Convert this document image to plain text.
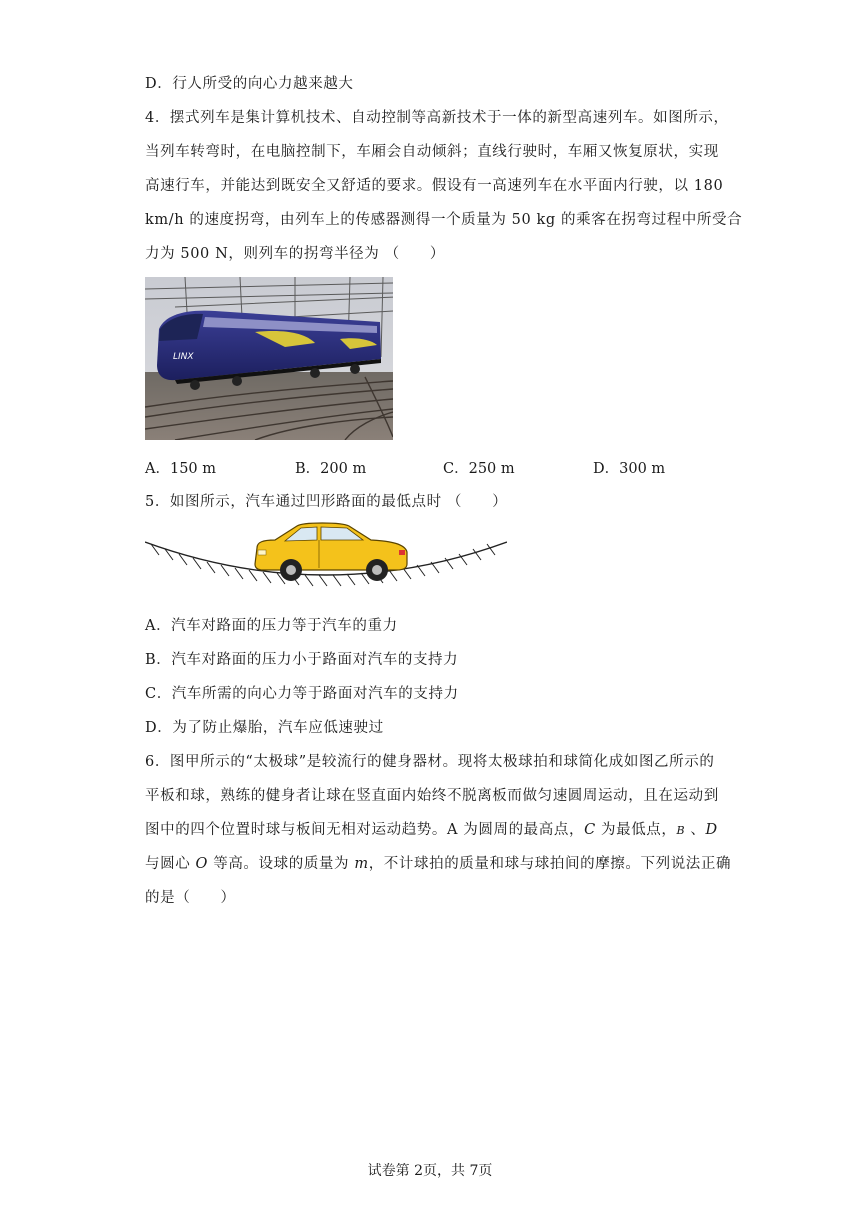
D．行人所受的向心力越来越大
4．摆式列车是集计算机技术、自动控制等高新技术于一体的新型高速列车。如图所示，
当列车转弯时，在电脑控制下，车厢会自动倾斜；直线行驶时，车厢又恢复原状，实现
高速行车，并能达到既安全又舒适的要求。假设有一高速列车在水平面内行驶，以 180
km/h 的速度拐弯，由列车上的传感器测得一个质量为 50 kg 的乘客在拐弯过程中所受合
力为 500 N，则列车的拐弯半径为 （　　）
LINX
A．150 m	B．200 m	C．250 m	D．300 m
5．如图所示，汽车通过凹形路面的最低点时 （　　）
A．汽车对路面的压力等于汽车的重力
B．汽车对路面的压力小于路面对汽车的支持力
C．汽车所需的向心力等于路面对汽车的支持力
D．为了防止爆胎，汽车应低速驶过
6．图甲所示的“太极球”是较流行的健身器材。现将太极球拍和球简化成如图乙所示的
平板和球，熟练的健身者让球在竖直面内始终不脱离板而做匀速圆周运动，且在运动到
图中的四个位置时球与板间无相对运动趋势。A 为圆周的最高点，C 为最低点，B 、D
与圆心 O 等高。设球的质量为 m，不计球拍的质量和球与球拍间的摩擦。下列说法正确
的是（　　）
试卷第 2页，共 7页
